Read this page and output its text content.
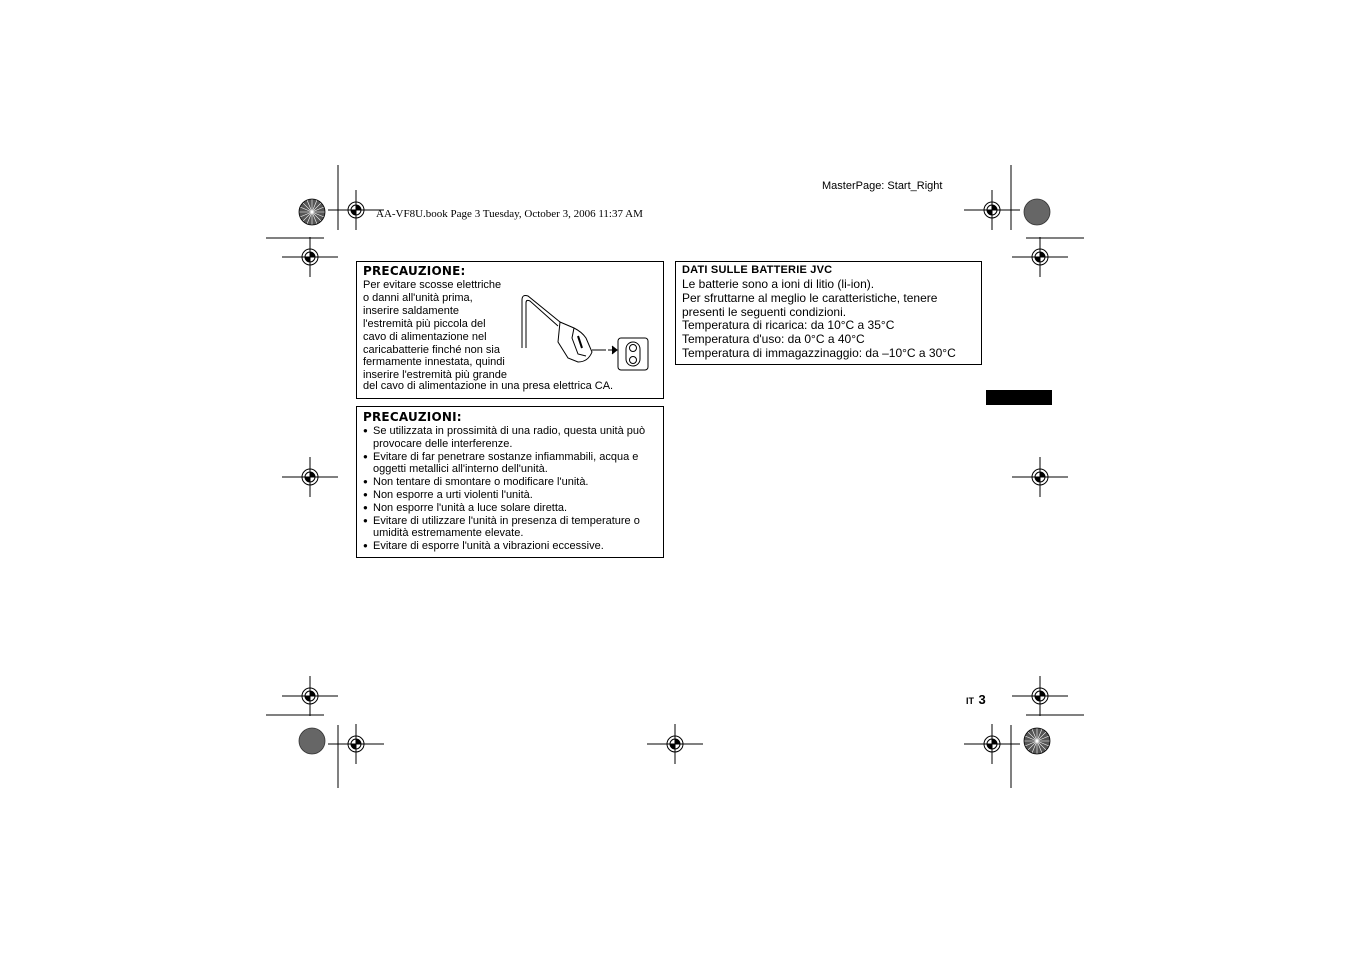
MasterPage: Start_Right
AA-VF8U.book Page 3 Tuesday, October 3, 2006 11:37 AM
PRECAUZIONE:
Per evitare scosse elettriche
o danni all'unità prima,
inserire saldamente
l'estremità più piccola del
cavo di alimentazione nel
caricabatterie finché non sia
fermamente innestata, quindi
inserire l'estremità più grande
del cavo di alimentazione in una presa elettrica CA.
PRECAUZIONI:
● Se utilizzata in prossimità di una radio, questa unità può provocare delle interferenze.
● Evitare di far penetrare sostanze infiammabili, acqua e oggetti metallici all'interno dell'unità.
● Non tentare di smontare o modificare l'unità.
● Non esporre a urti violenti l'unità.
● Non esporre l'unità a luce solare diretta.
● Evitare di utilizzare l'unità in presenza di temperature o umidità estremamente elevate.
● Evitare di esporre l'unità a vibrazioni eccessive.
DATI SULLE BATTERIE JVC
Le batterie sono a ioni di litio (li-ion).
Per sfruttarne al meglio le caratteristiche, tenere
presenti le seguenti condizioni.
Temperatura di ricarica: da 10°C a 35°C
Temperatura d'uso: da 0°C a 40°C
Temperatura di immagazzinaggio: da –10°C a 30°C
IT 3
